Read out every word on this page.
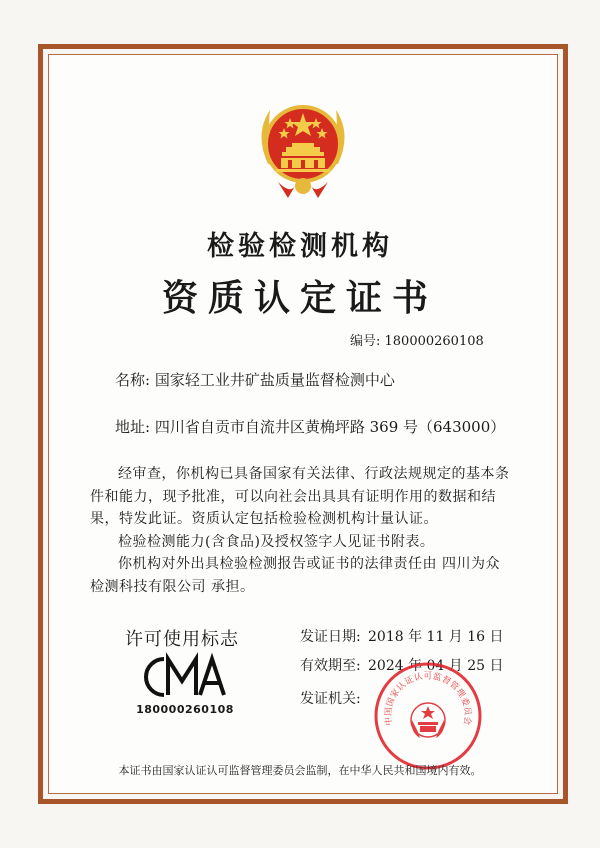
检验检测机构
资质认定证书
编号: 180000260108
名称: 国家轻工业井矿盐质量监督检测中心
地址: 四川省自贡市自流井区黄桷坪路 369 号（643000）

经审查，你机构已具备国家有关法律、行政法规规定的基本条件和能力，现予批准，可以向社会出具具有证明作用的数据和结果，特发此证。资质认定包括检验检测机构计量认证。

检验检测能力(含食品)及授权签字人见证书附表。

你机构对外出具检验检测报告或证书的法律责任由 四川为众检测科技有限公司 承担。

许可使用标志
180000260108
发证日期: 2018 年 11 月 16 日
有效期至: 2024 年 04 月 25 日
发证机关:
中国国家认证认可监督管理委员会
本证书由国家认证认可监督管理委员会监制，在中华人民共和国境内有效。
